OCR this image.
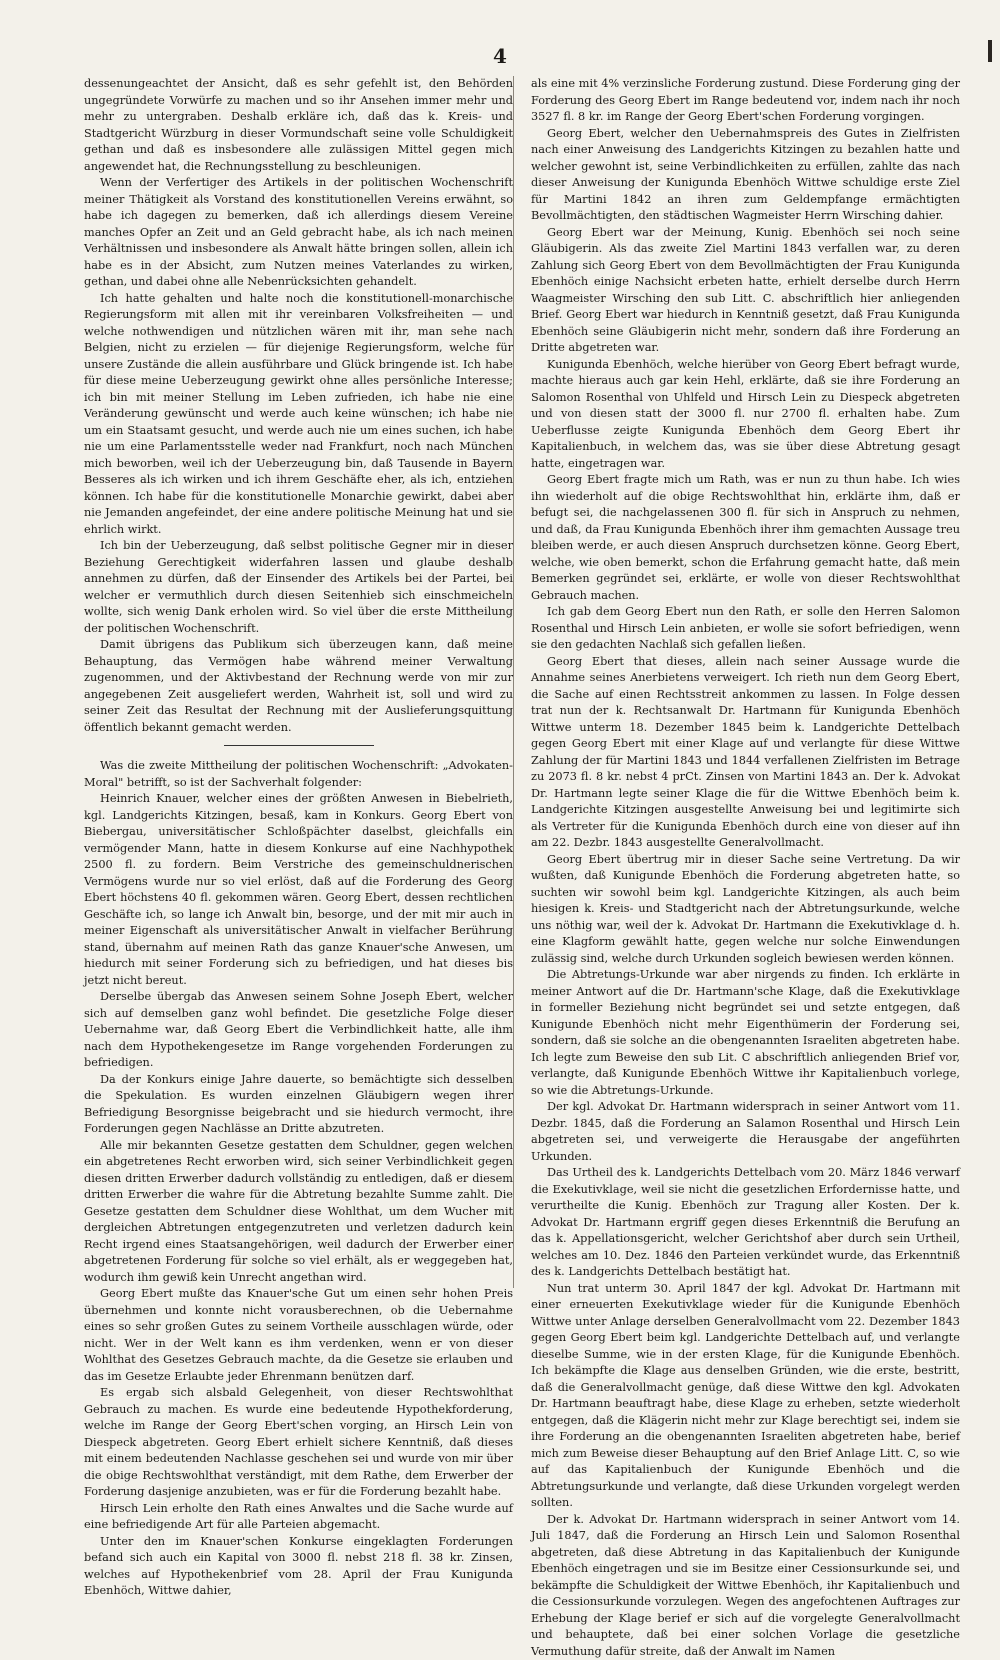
4

dessenungeachtet der Ansicht, daß es sehr gefehlt ist, den Behörden ungegründete Vorwürfe zu machen und so ihr Ansehen immer mehr und mehr zu untergraben. Deshalb erkläre ich, daß das k. Kreis- und Stadtgericht Würzburg in dieser Vormundschaft seine volle Schuldigkeit gethan und daß es insbesondere alle zulässigen Mittel gegen mich angewendet hat, die Rechnungsstellung zu beschleunigen.

Wenn der Verfertiger des Artikels in der politischen Wochenschrift meiner Thätigkeit als Vorstand des konstitutionellen Vereins erwähnt, so habe ich dagegen zu bemerken, daß ich allerdings diesem Vereine manches Opfer an Zeit und an Geld gebracht habe, als ich nach meinen Verhältnissen und insbesondere als Anwalt hätte bringen sollen, allein ich habe es in der Absicht, zum Nutzen meines Vaterlandes zu wirken, gethan, und dabei ohne alle Nebenrücksichten gehandelt.

Ich hatte gehalten und halte noch die konstitutionell-monarchische Regierungsform mit allen mit ihr vereinbaren Volksfreiheiten — und welche nothwendigen und nützlichen wären mit ihr, man sehe nach Belgien, nicht zu erzielen — für diejenige Regierungsform, welche für unsere Zustände die allein ausführbare und Glück bringende ist. Ich habe für diese meine Ueberzeugung gewirkt ohne alles persönliche Interesse; ich bin mit meiner Stellung im Leben zufrieden, ich habe nie eine Veränderung gewünscht und werde auch keine wünschen; ich habe nie um ein Staatsamt gesucht, und werde auch nie um eines suchen, ich habe nie um eine Parlamentsstelle weder nad Frankfurt, noch nach München mich beworben, weil ich der Ueberzeugung bin, daß Tausende in Bayern Besseres als ich wirken und ich ihrem Geschäfte eher, als ich, entziehen können. Ich habe für die konstitutionelle Monarchie gewirkt, dabei aber nie Jemanden angefeindet, der eine andere politische Meinung hat und sie ehrlich wirkt.

Ich bin der Ueberzeugung, daß selbst politische Gegner mir in dieser Beziehung Gerechtigkeit widerfahren lassen und glaube deshalb annehmen zu dürfen, daß der Einsender des Artikels bei der Partei, bei welcher er vermuthlich durch diesen Seitenhieb sich einschmeicheln wollte, sich wenig Dank erholen wird. So viel über die erste Mittheilung der politischen Wochenschrift.

Damit übrigens das Publikum sich überzeugen kann, daß meine Behauptung, das Vermögen habe während meiner Verwaltung zugenommen, und der Aktivbestand der Rechnung werde von mir zur angegebenen Zeit ausgeliefert werden, Wahrheit ist, soll und wird zu seiner Zeit das Resultat der Rechnung mit der Auslieferungsquittung öffentlich bekannt gemacht werden.

Was die zweite Mittheilung der politischen Wochenschrift: „Advokaten-Moral" betrifft, so ist der Sachverhalt folgender:

Heinrich Knauer, welcher eines der größten Anwesen in Biebelrieth, kgl. Landgerichts Kitzingen, besaß, kam in Konkurs. Georg Ebert von Biebergau, universitätischer Schloßpächter daselbst, gleichfalls ein vermögender Mann, hatte in diesem Konkurse auf eine Nachhypothek 2500 fl. zu fordern. Beim Verstriche des gemeinschuldnerischen Vermögens wurde nur so viel erlöst, daß auf die Forderung des Georg Ebert höchstens 40 fl. gekommen wären. Georg Ebert, dessen rechtlichen Geschäfte ich, so lange ich Anwalt bin, besorge, und der mit mir auch in meiner Eigenschaft als universitätischer Anwalt in vielfacher Berührung stand, übernahm auf meinen Rath das ganze Knauer'sche Anwesen, um hiedurch mit seiner Forderung sich zu befriedigen, und hat dieses bis jetzt nicht bereut.

Derselbe übergab das Anwesen seinem Sohne Joseph Ebert, welcher sich auf demselben ganz wohl befindet. Die gesetzliche Folge dieser Uebernahme war, daß Georg Ebert die Verbindlichkeit hatte, alle ihm nach dem Hypothekengesetze im Range vorgehenden Forderungen zu befriedigen.

Da der Konkurs einige Jahre dauerte, so bemächtigte sich desselben die Spekulation. Es wurden einzelnen Gläubigern wegen ihrer Befriedigung Besorgnisse beigebracht und sie hiedurch vermocht, ihre Forderungen gegen Nachlässe an Dritte abzutreten.

Alle mir bekannten Gesetze gestatten dem Schuldner, gegen welchen ein abgetretenes Recht erworben wird, sich seiner Verbindlichkeit gegen diesen dritten Erwerber dadurch vollständig zu entledigen, daß er diesem dritten Erwerber die wahre für die Abtretung bezahlte Summe zahlt. Die Gesetze gestatten dem Schuldner diese Wohlthat, um dem Wucher mit dergleichen Abtretungen entgegenzutreten und verletzen dadurch kein Recht irgend eines Staatsangehörigen, weil dadurch der Erwerber einer abgetretenen Forderung für solche so viel erhält, als er weggegeben hat, wodurch ihm gewiß kein Unrecht angethan wird.

Georg Ebert mußte das Knauer'sche Gut um einen sehr hohen Preis übernehmen und konnte nicht vorausberechnen, ob die Uebernahme eines so sehr großen Gutes zu seinem Vortheile ausschlagen würde, oder nicht. Wer in der Welt kann es ihm verdenken, wenn er von dieser Wohlthat des Gesetzes Gebrauch machte, da die Gesetze sie erlauben und das im Gesetze Erlaubte jeder Ehrenmann benützen darf.

Es ergab sich alsbald Gelegenheit, von dieser Rechtswohlthat Gebrauch zu machen. Es wurde eine bedeutende Hypothekforderung, welche im Range der Georg Ebert'schen vorging, an Hirsch Lein von Diespeck abgetreten. Georg Ebert erhielt sichere Kenntniß, daß dieses mit einem bedeutenden Nachlasse geschehen sei und wurde von mir über die obige Rechtswohlthat verständigt, mit dem Rathe, dem Erwerber der Forderung dasjenige anzubieten, was er für die Forderung bezahlt habe.

Hirsch Lein erholte den Rath eines Anwaltes und die Sache wurde auf eine befriedigende Art für alle Parteien abgemacht.

Unter den im Knauer'schen Konkurse eingeklagten Forderungen befand sich auch ein Kapital von 3000 fl. nebst 218 fl. 38 kr. Zinsen, welches auf Hypothekenbrief vom 28. April der Frau Kunigunda Ebenhöch, Wittwe dahier,

als eine mit 4% verzinsliche Forderung zustund. Diese Forderung ging der Forderung des Georg Ebert im Range bedeutend vor, indem nach ihr noch 3527 fl. 8 kr. im Range der Georg Ebert'schen Forderung vorgingen.

Georg Ebert, welcher den Uebernahmspreis des Gutes in Zielfristen nach einer Anweisung des Landgerichts Kitzingen zu bezahlen hatte und welcher gewohnt ist, seine Verbindlichkeiten zu erfüllen, zahlte das nach dieser Anweisung der Kunigunda Ebenhöch Wittwe schuldige erste Ziel für Martini 1842 an ihren zum Geldempfange ermächtigten Bevollmächtigten, den städtischen Wagmeister Herrn Wirsching dahier.

Georg Ebert war der Meinung, Kunig. Ebenhöch sei noch seine Gläubigerin. Als das zweite Ziel Martini 1843 verfallen war, zu deren Zahlung sich Georg Ebert von dem Bevollmächtigten der Frau Kunigunda Ebenhöch einige Nachsicht erbeten hatte, erhielt derselbe durch Herrn Waagmeister Wirsching den sub Litt. C. abschriftlich hier anliegenden Brief. Georg Ebert war hiedurch in Kenntniß gesetzt, daß Frau Kunigunda Ebenhöch seine Gläubigerin nicht mehr, sondern daß ihre Forderung an Dritte abgetreten war.

Kunigunda Ebenhöch, welche hierüber von Georg Ebert befragt wurde, machte hieraus auch gar kein Hehl, erklärte, daß sie ihre Forderung an Salomon Rosenthal von Uhlfeld und Hirsch Lein zu Diespeck abgetreten und von diesen statt der 3000 fl. nur 2700 fl. erhalten habe. Zum Ueberflusse zeigte Kunigunda Ebenhöch dem Georg Ebert ihr Kapitalienbuch, in welchem das, was sie über diese Abtretung gesagt hatte, eingetragen war.

Georg Ebert fragte mich um Rath, was er nun zu thun habe. Ich wies ihn wiederholt auf die obige Rechtswohlthat hin, erklärte ihm, daß er befugt sei, die nachgelassenen 300 fl. für sich in Anspruch zu nehmen, und daß, da Frau Kunigunda Ebenhöch ihrer ihm gemachten Aussage treu bleiben werde, er auch diesen Anspruch durchsetzen könne. Georg Ebert, welche, wie oben bemerkt, schon die Erfahrung gemacht hatte, daß mein Bemerken gegründet sei, erklärte, er wolle von dieser Rechtswohlthat Gebrauch machen.

Ich gab dem Georg Ebert nun den Rath, er solle den Herren Salomon Rosenthal und Hirsch Lein anbieten, er wolle sie sofort befriedigen, wenn sie den gedachten Nachlaß sich gefallen ließen.

Georg Ebert that dieses, allein nach seiner Aussage wurde die Annahme seines Anerbietens verweigert. Ich rieth nun dem Georg Ebert, die Sache auf einen Rechtsstreit ankommen zu lassen. In Folge dessen trat nun der k. Rechtsanwalt Dr. Hartmann für Kunigunda Ebenhöch Wittwe unterm 18. Dezember 1845 beim k. Landgerichte Dettelbach gegen Georg Ebert mit einer Klage auf und verlangte für diese Wittwe Zahlung der für Martini 1843 und 1844 verfallenen Zielfristen im Betrage zu 2073 fl. 8 kr. nebst 4 prCt. Zinsen von Martini 1843 an. Der k. Advokat Dr. Hartmann legte seiner Klage die für die Wittwe Ebenhöch beim k. Landgerichte Kitzingen ausgestellte Anweisung bei und legitimirte sich als Vertreter für die Kunigunda Ebenhöch durch eine von dieser auf ihn am 22. Dezbr. 1843 ausgestellte Generalvollmacht.

Georg Ebert übertrug mir in dieser Sache seine Vertretung. Da wir wußten, daß Kunigunde Ebenhöch die Forderung abgetreten hatte, so suchten wir sowohl beim kgl. Landgerichte Kitzingen, als auch beim hiesigen k. Kreis- und Stadtgericht nach der Abtretungsurkunde, welche uns nöthig war, weil der k. Advokat Dr. Hartmann die Exekutivklage d. h. eine Klagform gewählt hatte, gegen welche nur solche Einwendungen zulässig sind, welche durch Urkunden sogleich bewiesen werden können.

Die Abtretungs-Urkunde war aber nirgends zu finden. Ich erklärte in meiner Antwort auf die Dr. Hartmann'sche Klage, daß die Exekutivklage in formeller Beziehung nicht begründet sei und setzte entgegen, daß Kunigunde Ebenhöch nicht mehr Eigenthümerin der Forderung sei, sondern, daß sie solche an die obengenannten Israeliten abgetreten habe. Ich legte zum Beweise den sub Lit. C abschriftlich anliegenden Brief vor, verlangte, daß Kunigunde Ebenhöch Wittwe ihr Kapitalienbuch vorlege, so wie die Abtretungs-Urkunde.

Der kgl. Advokat Dr. Hartmann widersprach in seiner Antwort vom 11. Dezbr. 1845, daß die Forderung an Salamon Rosenthal und Hirsch Lein abgetreten sei, und verweigerte die Herausgabe der angeführten Urkunden.

Das Urtheil des k. Landgerichts Dettelbach vom 20. März 1846 verwarf die Exekutivklage, weil sie nicht die gesetzlichen Erfordernisse hatte, und verurtheilte die Kunig. Ebenhöch zur Tragung aller Kosten. Der k. Advokat Dr. Hartmann ergriff gegen dieses Erkenntniß die Berufung an das k. Appellationsgericht, welcher Gerichtshof aber durch sein Urtheil, welches am 10. Dez. 1846 den Parteien verkündet wurde, das Erkenntniß des k. Landgerichts Dettelbach bestätigt hat.

Nun trat unterm 30. April 1847 der kgl. Advokat Dr. Hartmann mit einer erneuerten Exekutivklage wieder für die Kunigunde Ebenhöch Wittwe unter Anlage derselben Generalvollmacht vom 22. Dezember 1843 gegen Georg Ebert beim kgl. Landgerichte Dettelbach auf, und verlangte dieselbe Summe, wie in der ersten Klage, für die Kunigunde Ebenhöch. Ich bekämpfte die Klage aus denselben Gründen, wie die erste, bestritt, daß die Generalvollmacht genüge, daß diese Wittwe den kgl. Advokaten Dr. Hartmann beauftragt habe, diese Klage zu erheben, setzte wiederholt entgegen, daß die Klägerin nicht mehr zur Klage berechtigt sei, indem sie ihre Forderung an die obengenannten Israeliten abgetreten habe, berief mich zum Beweise dieser Behauptung auf den Brief Anlage Litt. C, so wie auf das Kapitalienbuch der Kunigunde Ebenhöch und die Abtretungsurkunde und verlangte, daß diese Urkunden vorgelegt werden sollten.

Der k. Advokat Dr. Hartmann widersprach in seiner Antwort vom 14. Juli 1847, daß die Forderung an Hirsch Lein und Salomon Rosenthal abgetreten, daß diese Abtretung in das Kapitalienbuch der Kunigunde Ebenhöch eingetragen und sie im Besitze einer Cessionsurkunde sei, und bekämpfte die Schuldigkeit der Wittwe Ebenhöch, ihr Kapitalienbuch und die Cessionsurkunde vorzulegen. Wegen des angefochtenen Auftrages zur Erhebung der Klage berief er sich auf die vorgelegte Generalvollmacht und behauptete, daß bei einer solchen Vorlage die gesetzliche Vermuthung dafür streite, daß der Anwalt im Namen
